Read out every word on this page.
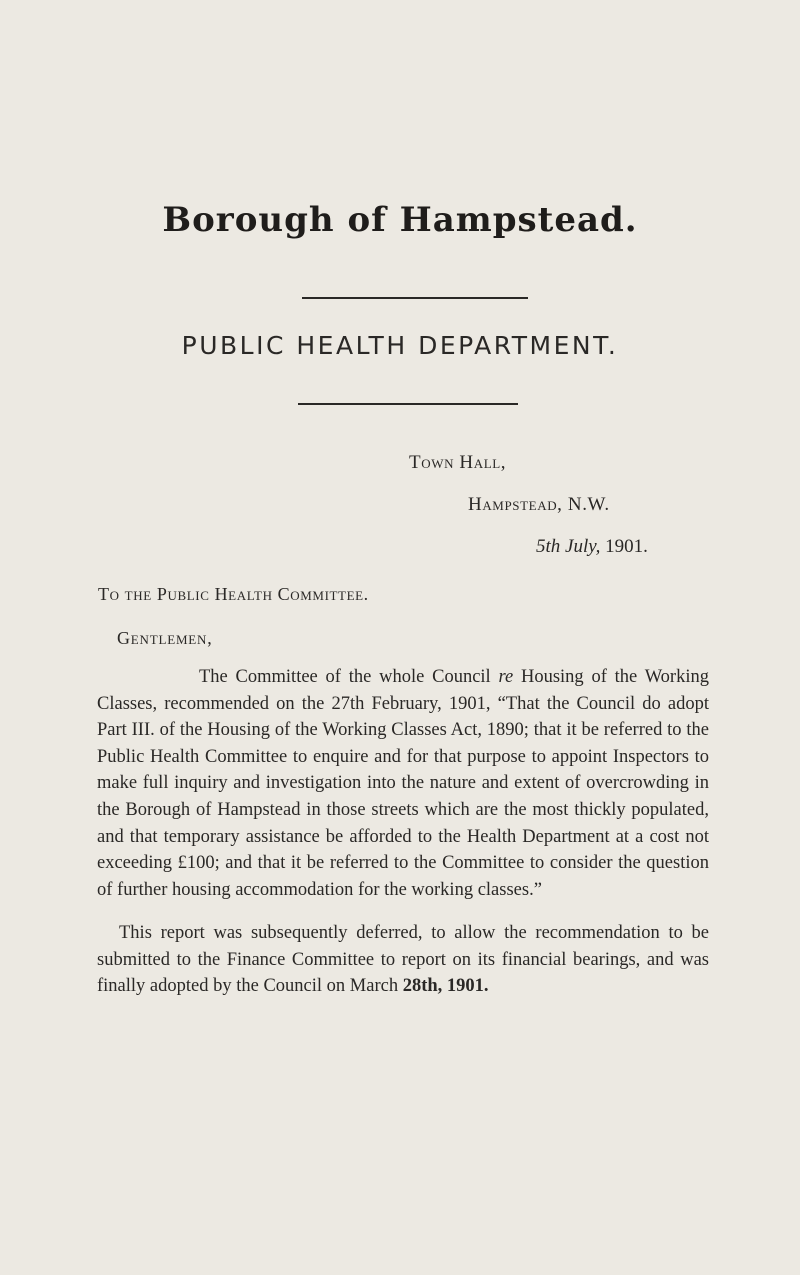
Borough of Hampstead.
PUBLIC HEALTH DEPARTMENT.
Town Hall,
Hampstead, N.W.
5th July, 1901.
To the Public Health Committee.
Gentlemen,

The Committee of the whole Council re Housing of the Working Classes, recommended on the 27th February, 1901, “That the Council do adopt Part III. of the Housing of the Working Classes Act, 1890; that it be referred to the Public Health Committee to enquire and for that purpose to appoint Inspectors to make full inquiry and investigation into the nature and extent of overcrowding in the Borough of Hampstead in those streets which are the most thickly populated, and that temporary assistance be afforded to the Health Department at a cost not exceeding £100; and that it be referred to the Committee to consider the question of further housing accommodation for the working classes.”

This report was subsequently deferred, to allow the recommendation to be submitted to the Finance Committee to report on its financial bearings, and was finally adopted by the Council on March 28th, 1901.
